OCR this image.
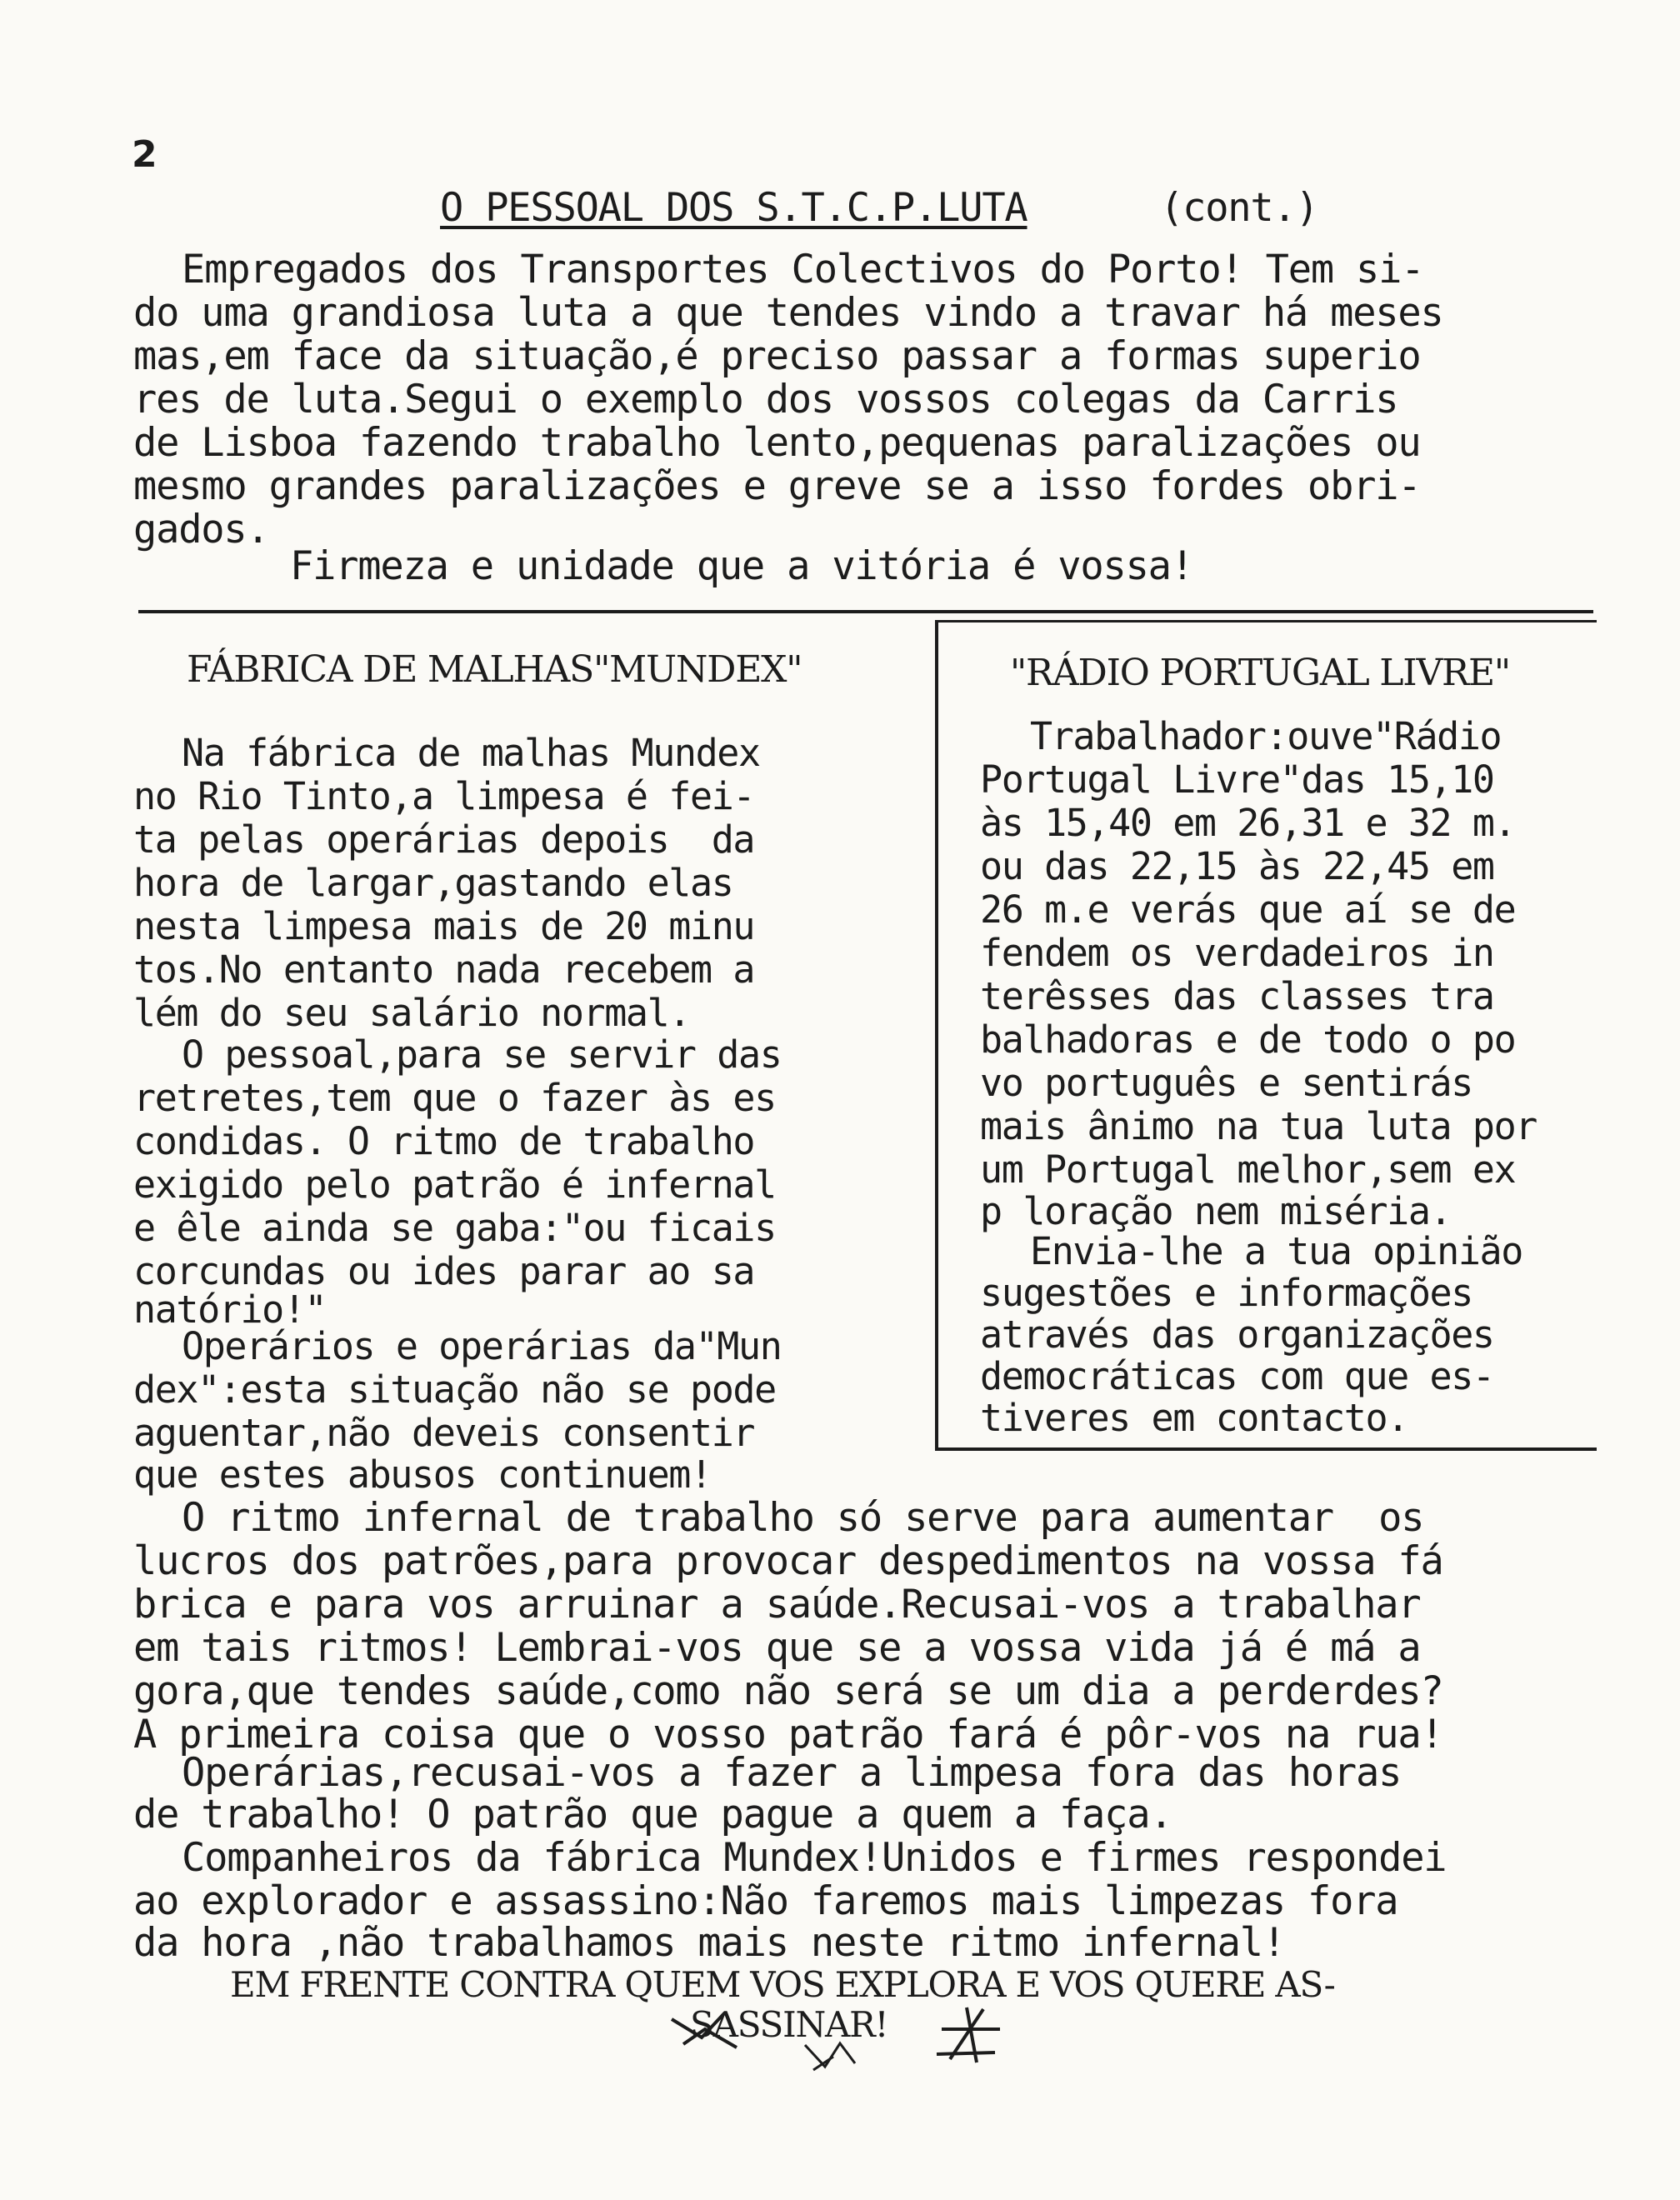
2
O PESSOAL DOS S.T.C.P.LUTA	(cont.)
Empregados dos Transportes Colectivos do Porto! Tem si-
do uma grandiosa luta a que tendes vindo a travar há meses
mas,em face da situação,é preciso passar a formas superio
res de luta.Segui o exemplo dos vossos colegas da Carris
de Lisboa fazendo trabalho lento,pequenas paralizações ou
mesmo grandes paralizações e greve se a isso fordes obri-
gados.
Firmeza e unidade que a vitória é vossa!
FÁBRICA DE MALHAS"MUNDEX"
Na fábrica de malhas Mundex
no Rio Tinto,a limpesa é fei-
ta pelas operárias depois  da
hora de largar,gastando elas
nesta limpesa mais de 20 minu
tos.No entanto nada recebem a
lém do seu salário normal.
O pessoal,para se servir das
retretes,tem que o fazer às es
condidas. O ritmo de trabalho
exigido pelo patrão é infernal
e êle ainda se gaba:"ou ficais
corcundas ou ides parar ao sa
natório!"
Operários e operárias da"Mun
dex":esta situação não se pode
aguentar,não deveis consentir
que estes abusos continuem!
"RÁDIO PORTUGAL LIVRE"
Trabalhador:ouve"Rádio
Portugal Livre"das 15,10
às 15,40 em 26,31 e 32 m.
ou das 22,15 às 22,45 em
26 m.e verás que aí se de
fendem os verdadeiros in
terêsses das classes tra
balhadoras e de todo o po
vo português e sentirás
mais ânimo na tua luta por
um Portugal melhor,sem ex
p loração nem miséria.
Envia-lhe a tua opinião
sugestões e informações
através das organizações
democráticas com que es-
tiveres em contacto.
O ritmo infernal de trabalho só serve para aumentar  os
lucros dos patrões,para provocar despedimentos na vossa fá
brica e para vos arruinar a saúde.Recusai-vos a trabalhar
em tais ritmos! Lembrai-vos que se a vossa vida já é má a
gora,que tendes saúde,como não será se um dia a perderdes?
A primeira coisa que o vosso patrão fará é pôr-vos na rua!
Operárias,recusai-vos a fazer a limpesa fora das horas
de trabalho! O patrão que pague a quem a faça.
Companheiros da fábrica Mundex!Unidos e firmes respondei
ao explorador e assassino:Não faremos mais limpezas fora
da hora ,não trabalhamos mais neste ritmo infernal!
EM FRENTE CONTRA QUEM VOS EXPLORA E VOS QUERE AS-
SASSINAR!
